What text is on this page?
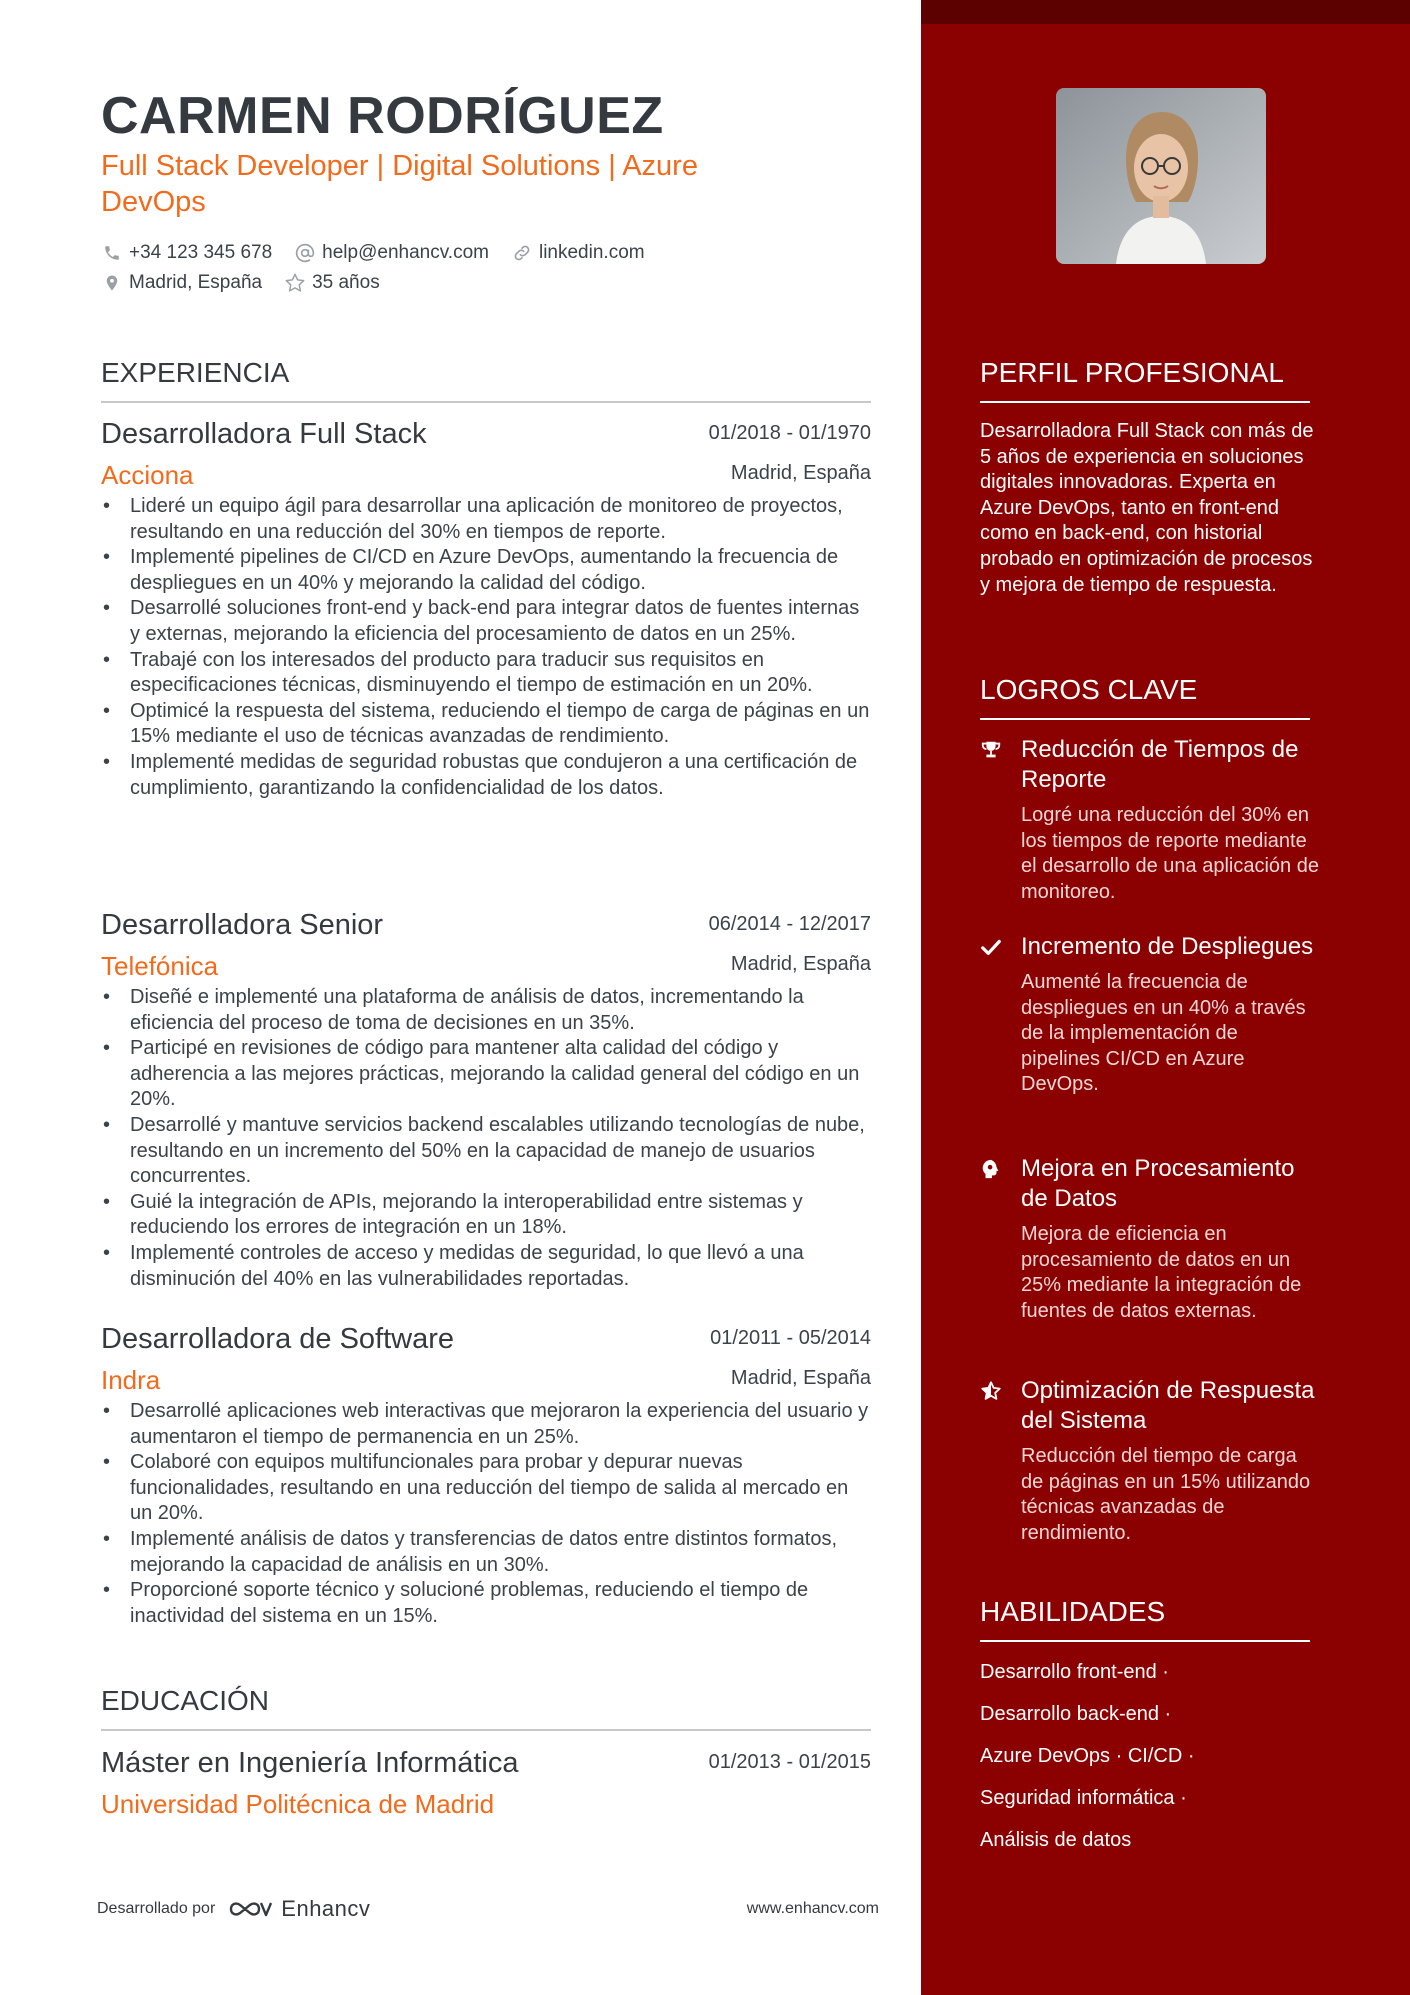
CARMEN RODRÍGUEZ
Full Stack Developer | Digital Solutions | Azure DevOps
+34 123 345 678	help@enhancv.com	linkedin.com
Madrid, España	35 años
EXPERIENCIA
Desarrolladora Full Stack	01/2018 - 01/1970
Acciona	Madrid, España
• Lideré un equipo ágil para desarrollar una aplicación de monitoreo de proyectos, resultando en una reducción del 30% en tiempos de reporte.
• Implementé pipelines de CI/CD en Azure DevOps, aumentando la frecuencia de despliegues en un 40% y mejorando la calidad del código.
• Desarrollé soluciones front-end y back-end para integrar datos de fuentes internas y externas, mejorando la eficiencia del procesamiento de datos en un 25%.
• Trabajé con los interesados del producto para traducir sus requisitos en especificaciones técnicas, disminuyendo el tiempo de estimación en un 20%.
• Optimicé la respuesta del sistema, reduciendo el tiempo de carga de páginas en un 15% mediante el uso de técnicas avanzadas de rendimiento.
• Implementé medidas de seguridad robustas que condujeron a una certificación de cumplimiento, garantizando la confidencialidad de los datos.
Desarrolladora Senior	06/2014 - 12/2017
Telefónica	Madrid, España
• Diseñé e implementé una plataforma de análisis de datos, incrementando la eficiencia del proceso de toma de decisiones en un 35%.
• Participé en revisiones de código para mantener alta calidad del código y adherencia a las mejores prácticas, mejorando la calidad general del código en un 20%.
• Desarrollé y mantuve servicios backend escalables utilizando tecnologías de nube, resultando en un incremento del 50% en la capacidad de manejo de usuarios concurrentes.
• Guié la integración de APIs, mejorando la interoperabilidad entre sistemas y reduciendo los errores de integración en un 18%.
• Implementé controles de acceso y medidas de seguridad, lo que llevó a una disminución del 40% en las vulnerabilidades reportadas.
Desarrolladora de Software	01/2011 - 05/2014
Indra	Madrid, España
• Desarrollé aplicaciones web interactivas que mejoraron la experiencia del usuario y aumentaron el tiempo de permanencia en un 25%.
• Colaboré con equipos multifuncionales para probar y depurar nuevas funcionalidades, resultando en una reducción del tiempo de salida al mercado en un 20%.
• Implementé análisis de datos y transferencias de datos entre distintos formatos, mejorando la capacidad de análisis en un 30%.
• Proporcioné soporte técnico y solucioné problemas, reduciendo el tiempo de inactividad del sistema en un 15%.
EDUCACIÓN
Máster en Ingeniería Informática	01/2013 - 01/2015
Universidad Politécnica de Madrid
Desarrollado por	Enhancv	www.enhancv.com
PERFIL PROFESIONAL
Desarrolladora Full Stack con más de 5 años de experiencia en soluciones digitales innovadoras. Experta en Azure DevOps, tanto en front-end como en back-end, con historial probado en optimización de procesos y mejora de tiempo de respuesta.
LOGROS CLAVE
Reducción de Tiempos de Reporte
Logré una reducción del 30% en los tiempos de reporte mediante el desarrollo de una aplicación de monitoreo.
Incremento de Despliegues
Aumenté la frecuencia de despliegues en un 40% a través de la implementación de pipelines CI/CD en Azure DevOps.
Mejora en Procesamiento de Datos
Mejora de eficiencia en procesamiento de datos en un 25% mediante la integración de fuentes de datos externas.
Optimización de Respuesta del Sistema
Reducción del tiempo de carga de páginas en un 15% utilizando técnicas avanzadas de rendimiento.
HABILIDADES
Desarrollo front-end ·
Desarrollo back-end ·
Azure DevOps · CI/CD ·
Seguridad informática ·
Análisis de datos
